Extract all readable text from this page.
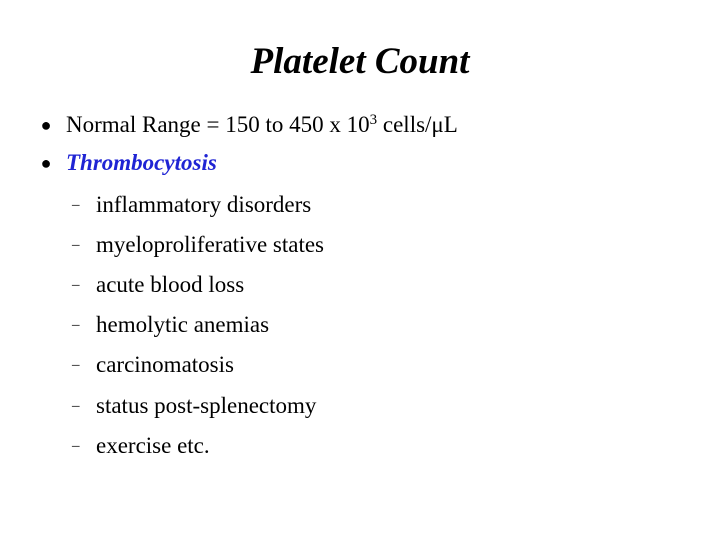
Platelet Count
● Normal Range = 150 to 450 x $10^3$ cells/μL
● Thrombocytosis
– inflammatory disorders
– myeloproliferative states
– acute blood loss
– hemolytic anemias
– carcinomatosis
– status post-splenectomy
– exercise etc.
